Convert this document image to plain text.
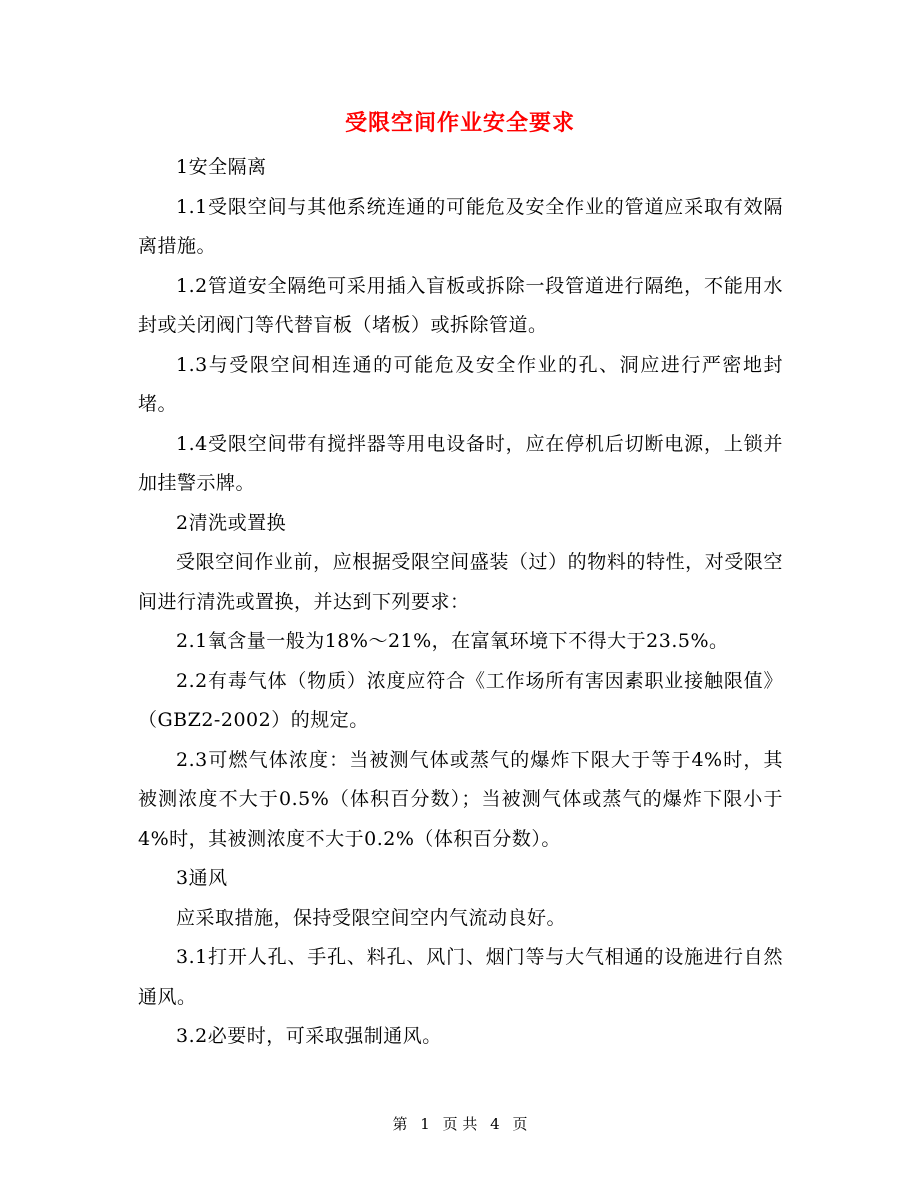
受限空间作业安全要求

1安全隔离

1.1受限空间与其他系统连通的可能危及安全作业的管道应采取有效隔离措施。

1.2管道安全隔绝可采用插入盲板或拆除一段管道进行隔绝，不能用水封或关闭阀门等代替盲板（堵板）或拆除管道。

1.3与受限空间相连通的可能危及安全作业的孔、洞应进行严密地封堵。

1.4受限空间带有搅拌器等用电设备时，应在停机后切断电源，上锁并加挂警示牌。

2清洗或置换

受限空间作业前，应根据受限空间盛装（过）的物料的特性，对受限空间进行清洗或置换，并达到下列要求：

2.1氧含量一般为18%～21%，在富氧环境下不得大于23.5%。

2.2有毒气体（物质）浓度应符合《工作场所有害因素职业接触限值》（GBZ2-2002）的规定。

2.3可燃气体浓度：当被测气体或蒸气的爆炸下限大于等于4%时，其被测浓度不大于0.5%（体积百分数）；当被测气体或蒸气的爆炸下限小于4%时，其被测浓度不大于0.2%（体积百分数）。

3通风

应采取措施，保持受限空间空内气流动良好。

3.1打开人孔、手孔、料孔、风门、烟门等与大气相通的设施进行自然通风。

3.2必要时，可采取强制通风。

第 1 页 共 4 页
